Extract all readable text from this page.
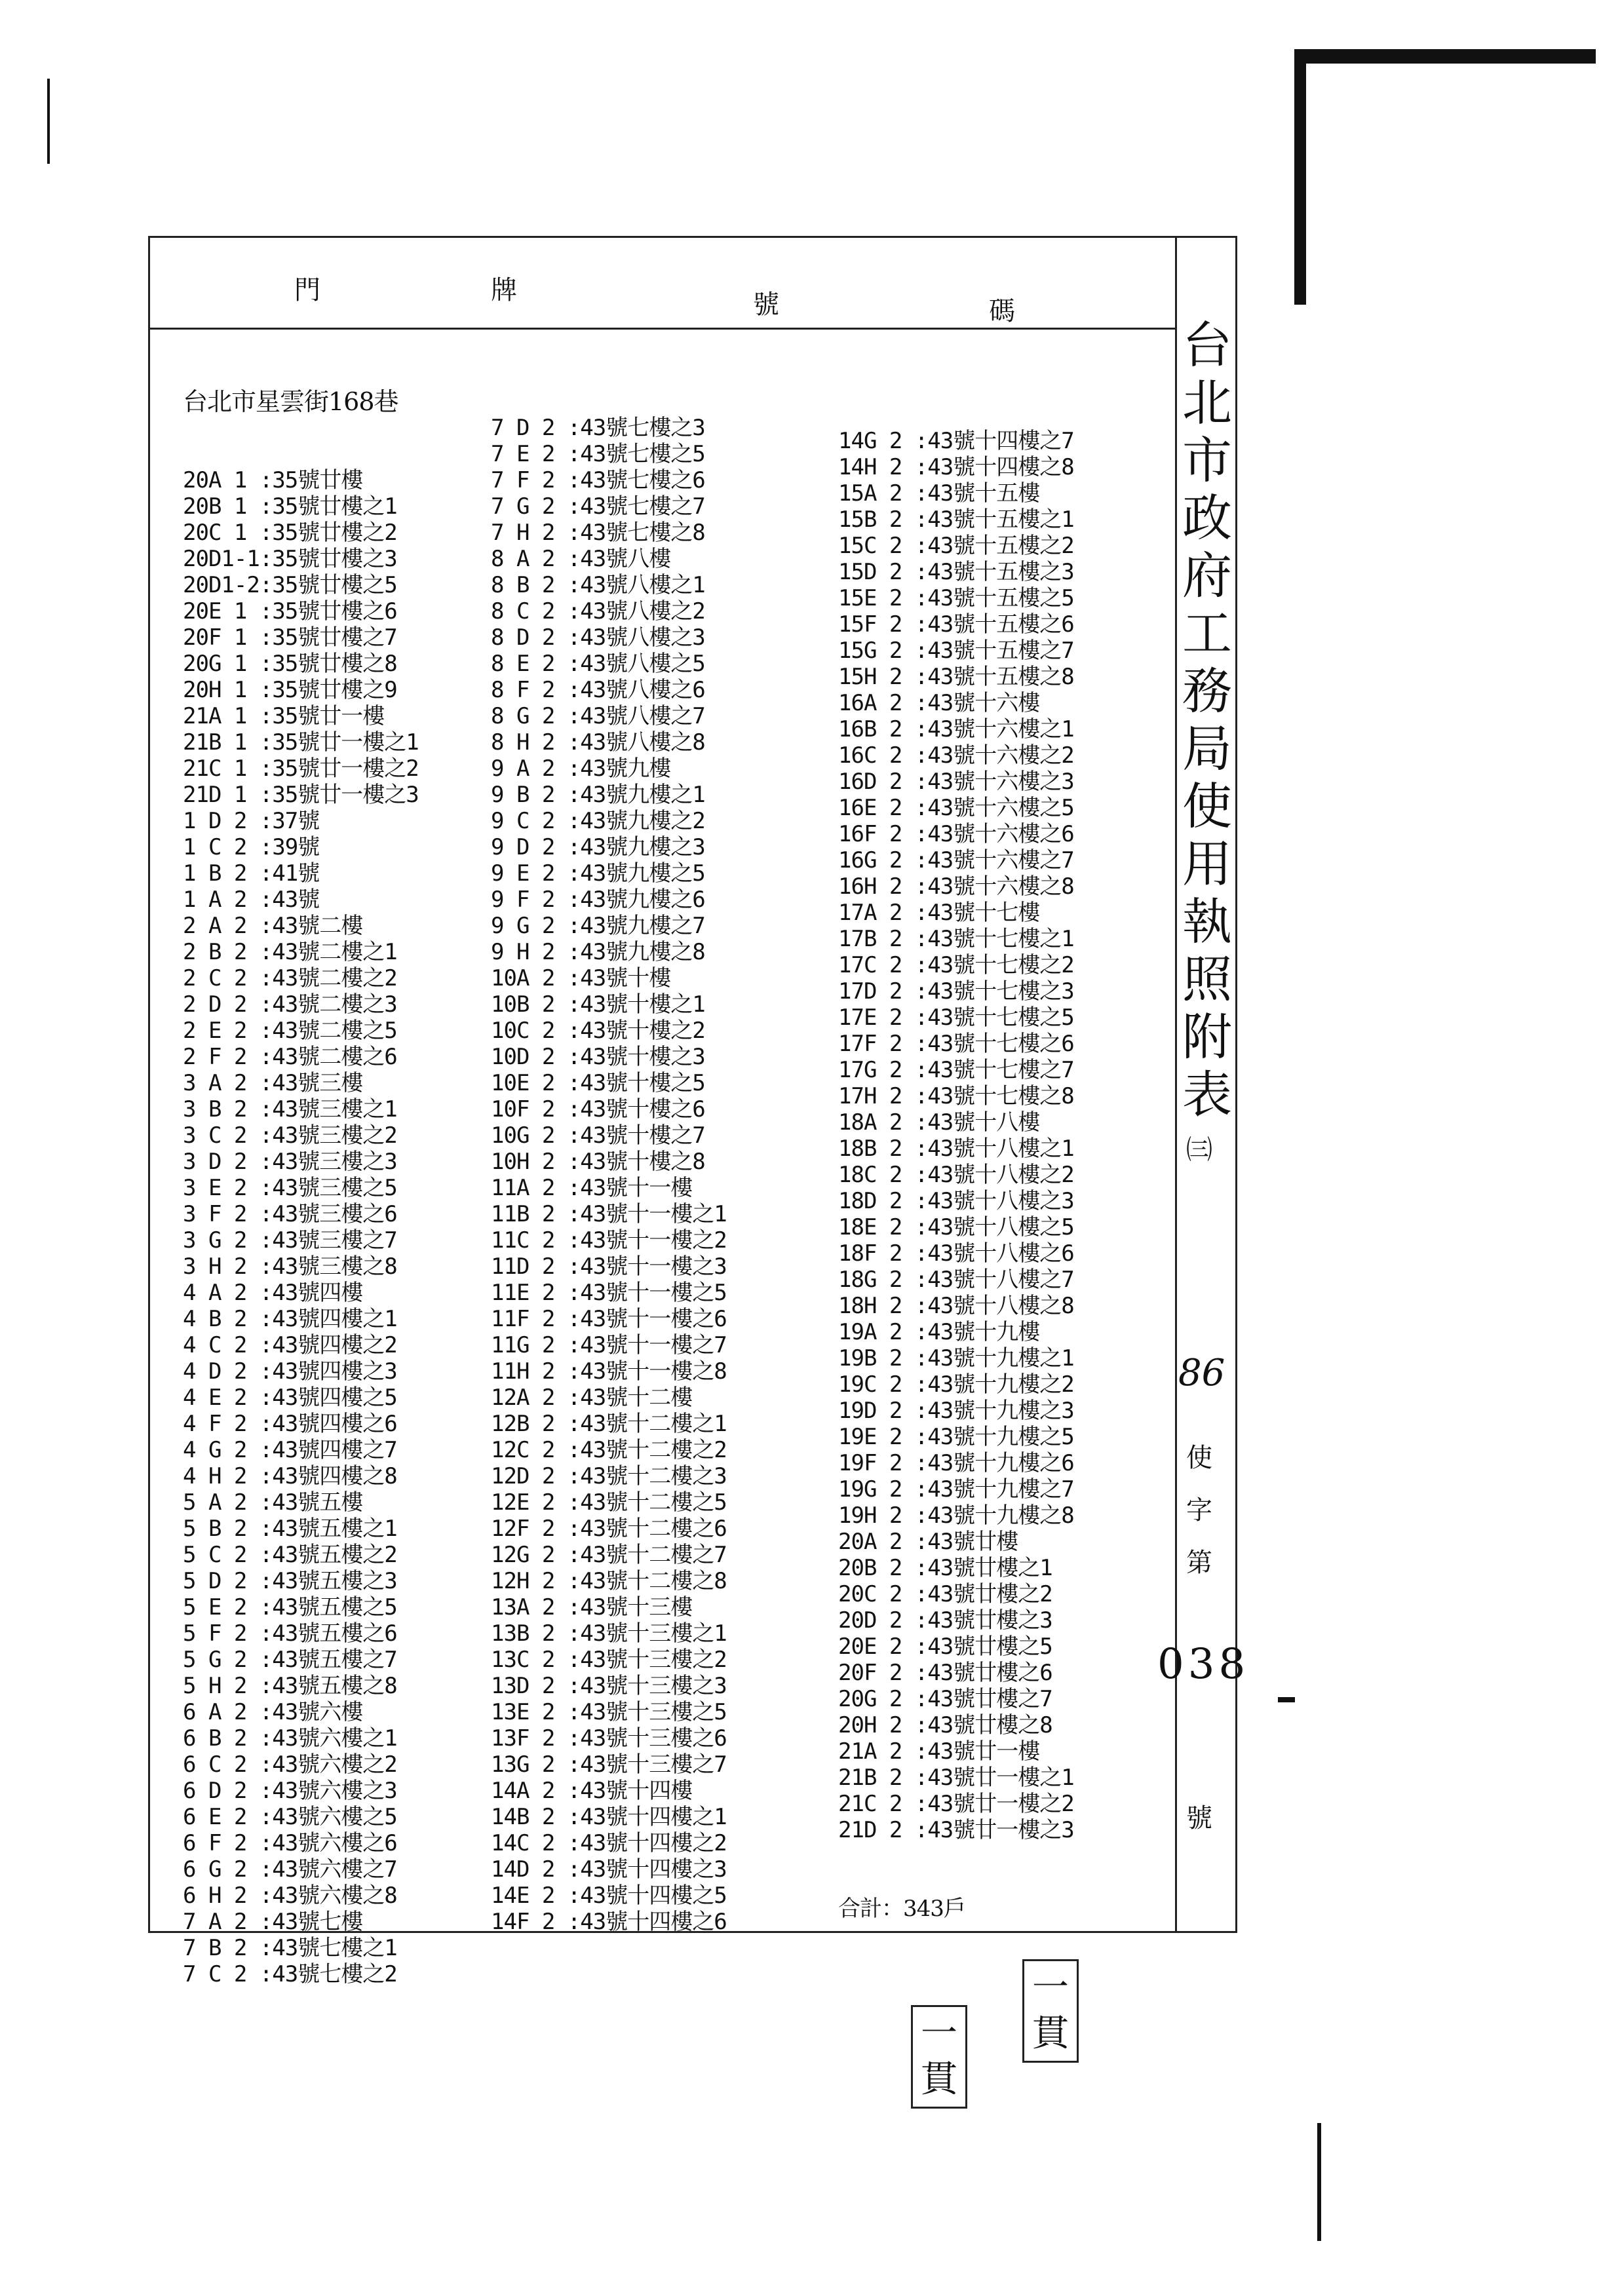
門	牌	號	碼
台北市政府工務局使用執照附表
㈢
86
使
字
第
038
號

台北市星雲街168巷

20A 1 :35號廿樓
20B 1 :35號廿樓之1
20C 1 :35號廿樓之2
20D1-1:35號廿樓之3
20D1-2:35號廿樓之5
20E 1 :35號廿樓之6
20F 1 :35號廿樓之7
20G 1 :35號廿樓之8
20H 1 :35號廿樓之9
21A 1 :35號廿一樓
21B 1 :35號廿一樓之1
21C 1 :35號廿一樓之2
21D 1 :35號廿一樓之3
1 D 2 :37號
1 C 2 :39號
1 B 2 :41號
1 A 2 :43號
2 A 2 :43號二樓
2 B 2 :43號二樓之1
2 C 2 :43號二樓之2
2 D 2 :43號二樓之3
2 E 2 :43號二樓之5
2 F 2 :43號二樓之6
3 A 2 :43號三樓
3 B 2 :43號三樓之1
3 C 2 :43號三樓之2
3 D 2 :43號三樓之3
3 E 2 :43號三樓之5
3 F 2 :43號三樓之6
3 G 2 :43號三樓之7
3 H 2 :43號三樓之8
4 A 2 :43號四樓
4 B 2 :43號四樓之1
4 C 2 :43號四樓之2
4 D 2 :43號四樓之3
4 E 2 :43號四樓之5
4 F 2 :43號四樓之6
4 G 2 :43號四樓之7
4 H 2 :43號四樓之8
5 A 2 :43號五樓
5 B 2 :43號五樓之1
5 C 2 :43號五樓之2
5 D 2 :43號五樓之3
5 E 2 :43號五樓之5
5 F 2 :43號五樓之6
5 G 2 :43號五樓之7
5 H 2 :43號五樓之8
6 A 2 :43號六樓
6 B 2 :43號六樓之1
6 C 2 :43號六樓之2
6 D 2 :43號六樓之3
6 E 2 :43號六樓之5
6 F 2 :43號六樓之6
6 G 2 :43號六樓之7
6 H 2 :43號六樓之8
7 A 2 :43號七樓
7 B 2 :43號七樓之1
7 C 2 :43號七樓之2

7 D 2 :43號七樓之3
7 E 2 :43號七樓之5
7 F 2 :43號七樓之6
7 G 2 :43號七樓之7
7 H 2 :43號七樓之8
8 A 2 :43號八樓
8 B 2 :43號八樓之1
8 C 2 :43號八樓之2
8 D 2 :43號八樓之3
8 E 2 :43號八樓之5
8 F 2 :43號八樓之6
8 G 2 :43號八樓之7
8 H 2 :43號八樓之8
9 A 2 :43號九樓
9 B 2 :43號九樓之1
9 C 2 :43號九樓之2
9 D 2 :43號九樓之3
9 E 2 :43號九樓之5
9 F 2 :43號九樓之6
9 G 2 :43號九樓之7
9 H 2 :43號九樓之8
10A 2 :43號十樓
10B 2 :43號十樓之1
10C 2 :43號十樓之2
10D 2 :43號十樓之3
10E 2 :43號十樓之5
10F 2 :43號十樓之6
10G 2 :43號十樓之7
10H 2 :43號十樓之8
11A 2 :43號十一樓
11B 2 :43號十一樓之1
11C 2 :43號十一樓之2
11D 2 :43號十一樓之3
11E 2 :43號十一樓之5
11F 2 :43號十一樓之6
11G 2 :43號十一樓之7
11H 2 :43號十一樓之8
12A 2 :43號十二樓
12B 2 :43號十二樓之1
12C 2 :43號十二樓之2
12D 2 :43號十二樓之3
12E 2 :43號十二樓之5
12F 2 :43號十二樓之6
12G 2 :43號十二樓之7
12H 2 :43號十二樓之8
13A 2 :43號十三樓
13B 2 :43號十三樓之1
13C 2 :43號十三樓之2
13D 2 :43號十三樓之3
13E 2 :43號十三樓之5
13F 2 :43號十三樓之6
13G 2 :43號十三樓之7
14A 2 :43號十四樓
14B 2 :43號十四樓之1
14C 2 :43號十四樓之2
14D 2 :43號十四樓之3
14E 2 :43號十四樓之5
14F 2 :43號十四樓之6

14G 2 :43號十四樓之7
14H 2 :43號十四樓之8
15A 2 :43號十五樓
15B 2 :43號十五樓之1
15C 2 :43號十五樓之2
15D 2 :43號十五樓之3
15E 2 :43號十五樓之5
15F 2 :43號十五樓之6
15G 2 :43號十五樓之7
15H 2 :43號十五樓之8
16A 2 :43號十六樓
16B 2 :43號十六樓之1
16C 2 :43號十六樓之2
16D 2 :43號十六樓之3
16E 2 :43號十六樓之5
16F 2 :43號十六樓之6
16G 2 :43號十六樓之7
16H 2 :43號十六樓之8
17A 2 :43號十七樓
17B 2 :43號十七樓之1
17C 2 :43號十七樓之2
17D 2 :43號十七樓之3
17E 2 :43號十七樓之5
17F 2 :43號十七樓之6
17G 2 :43號十七樓之7
17H 2 :43號十七樓之8
18A 2 :43號十八樓
18B 2 :43號十八樓之1
18C 2 :43號十八樓之2
18D 2 :43號十八樓之3
18E 2 :43號十八樓之5
18F 2 :43號十八樓之6
18G 2 :43號十八樓之7
18H 2 :43號十八樓之8
19A 2 :43號十九樓
19B 2 :43號十九樓之1
19C 2 :43號十九樓之2
19D 2 :43號十九樓之3
19E 2 :43號十九樓之5
19F 2 :43號十九樓之6
19G 2 :43號十九樓之7
19H 2 :43號十九樓之8
20A 2 :43號廿樓
20B 2 :43號廿樓之1
20C 2 :43號廿樓之2
20D 2 :43號廿樓之3
20E 2 :43號廿樓之5
20F 2 :43號廿樓之6
20G 2 :43號廿樓之7
20H 2 :43號廿樓之8
21A 2 :43號廿一樓
21B 2 :43號廿一樓之1
21C 2 :43號廿一樓之2
21D 2 :43號廿一樓之3

合計：343戶

一貫
一貫
